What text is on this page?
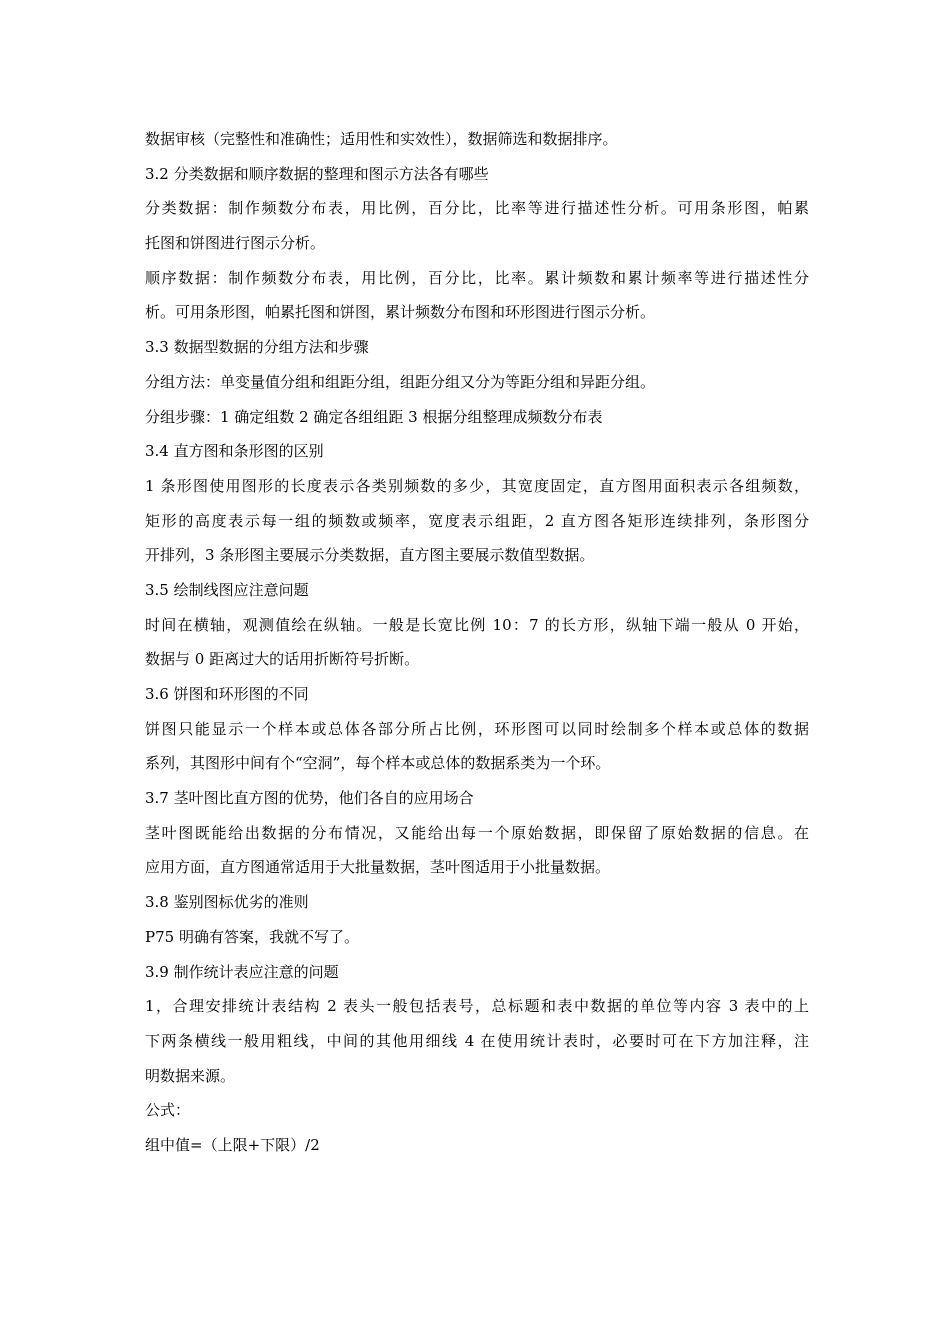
数据审核（完整性和准确性；适用性和实效性），数据筛选和数据排序。
3.2 分类数据和顺序数据的整理和图示方法各有哪些
分类数据：制作频数分布表，用比例，百分比，比率等进行描述性分析。可用条形图，帕累
托图和饼图进行图示分析。
顺序数据：制作频数分布表，用比例，百分比，比率。累计频数和累计频率等进行描述性分
析。可用条形图，帕累托图和饼图，累计频数分布图和环形图进行图示分析。
3.3 数据型数据的分组方法和步骤
分组方法：单变量值分组和组距分组，组距分组又分为等距分组和异距分组。
分组步骤：1 确定组数 2 确定各组组距 3 根据分组整理成频数分布表
3.4 直方图和条形图的区别
1 条形图使用图形的长度表示各类别频数的多少，其宽度固定，直方图用面积表示各组频数，
矩形的高度表示每一组的频数或频率，宽度表示组距，2 直方图各矩形连续排列，条形图分
开排列，3 条形图主要展示分类数据，直方图主要展示数值型数据。
3.5 绘制线图应注意问题
时间在横轴，观测值绘在纵轴。一般是长宽比例 10：7 的长方形，纵轴下端一般从 0 开始，
数据与 0 距离过大的话用折断符号折断。
3.6 饼图和环形图的不同
饼图只能显示一个样本或总体各部分所占比例，环形图可以同时绘制多个样本或总体的数据
系列，其图形中间有个“空洞”，每个样本或总体的数据系类为一个环。
3.7 茎叶图比直方图的优势，他们各自的应用场合
茎叶图既能给出数据的分布情况，又能给出每一个原始数据，即保留了原始数据的信息。在
应用方面，直方图通常适用于大批量数据，茎叶图适用于小批量数据。
3.8 鉴别图标优劣的准则
P75 明确有答案，我就不写了。
3.9 制作统计表应注意的问题
1，合理安排统计表结构 2 表头一般包括表号，总标题和表中数据的单位等内容 3 表中的上
下两条横线一般用粗线，中间的其他用细线 4 在使用统计表时，必要时可在下方加注释，注
明数据来源。
公式：
组中值=（上限+下限）/2
